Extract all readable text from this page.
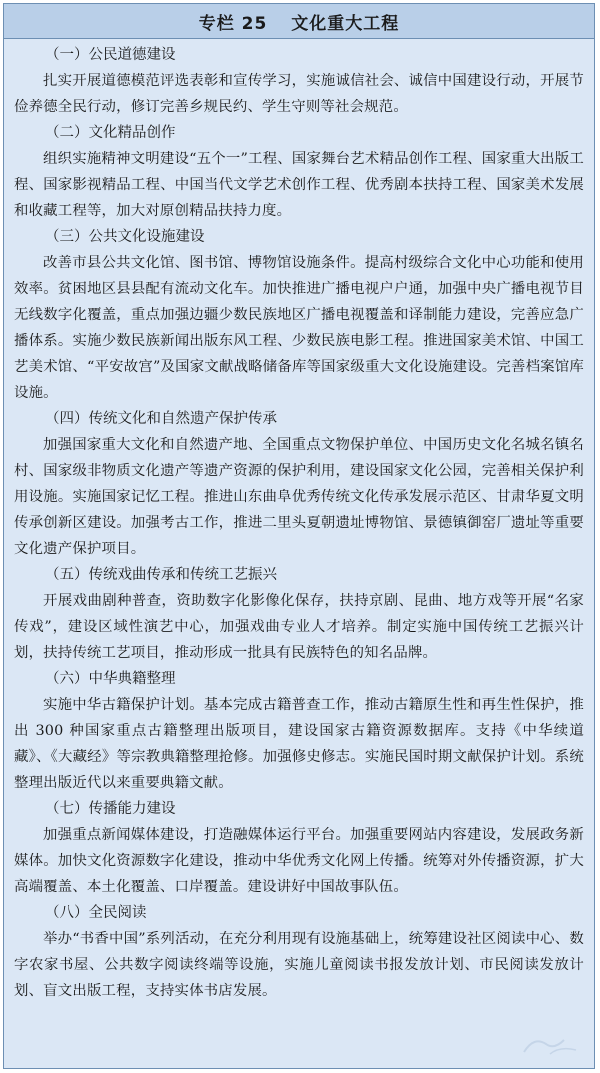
专栏 25 文化重大工程
（一）公民道德建设

扎实开展道德模范评选表彰和宣传学习，实施诚信社会、诚信中国建设行动，开展节俭养德全民行动，修订完善乡规民约、学生守则等社会规范。

（二）文化精品创作

组织实施精神文明建设“五个一”工程、国家舞台艺术精品创作工程、国家重大出版工程、国家影视精品工程、中国当代文学艺术创作工程、优秀剧本扶持工程、国家美术发展和收藏工程等，加大对原创精品扶持力度。

（三）公共文化设施建设

改善市县公共文化馆、图书馆、博物馆设施条件。提高村级综合文化中心功能和使用效率。贫困地区县县配有流动文化车。加快推进广播电视户户通，加强中央广播电视节目无线数字化覆盖，重点加强边疆少数民族地区广播电视覆盖和译制能力建设，完善应急广播体系。实施少数民族新闻出版东风工程、少数民族电影工程。推进国家美术馆、中国工艺美术馆、“平安故宫”及国家文献战略储备库等国家级重大文化设施建设。完善档案馆库设施。

（四）传统文化和自然遗产保护传承

加强国家重大文化和自然遗产地、全国重点文物保护单位、中国历史文化名城名镇名村、国家级非物质文化遗产等遗产资源的保护利用，建设国家文化公园，完善相关保护利用设施。实施国家记忆工程。推进山东曲阜优秀传统文化传承发展示范区、甘肃华夏文明传承创新区建设。加强考古工作，推进二里头夏朝遗址博物馆、景德镇御窑厂遗址等重要文化遗产保护项目。

（五）传统戏曲传承和传统工艺振兴

开展戏曲剧种普查，资助数字化影像化保存，扶持京剧、昆曲、地方戏等开展“名家传戏”，建设区域性演艺中心，加强戏曲专业人才培养。制定实施中国传统工艺振兴计划，扶持传统工艺项目，推动形成一批具有民族特色的知名品牌。

（六）中华典籍整理

实施中华古籍保护计划。基本完成古籍普查工作，推动古籍原生性和再生性保护，推出 300 种国家重点古籍整理出版项目，建设国家古籍资源数据库。支持《中华续道藏》、《大藏经》等宗教典籍整理抢修。加强修史修志。实施民国时期文献保护计划。系统整理出版近代以来重要典籍文献。

（七）传播能力建设

加强重点新闻媒体建设，打造融媒体运行平台。加强重要网站内容建设，发展政务新媒体。加快文化资源数字化建设，推动中华优秀文化网上传播。统筹对外传播资源，扩大高端覆盖、本土化覆盖、口岸覆盖。建设讲好中国故事队伍。

（八）全民阅读

举办“书香中国”系列活动，在充分利用现有设施基础上，统筹建设社区阅读中心、数字农家书屋、公共数字阅读终端等设施，实施儿童阅读书报发放计划、市民阅读发放计划、盲文出版工程，支持实体书店发展。
